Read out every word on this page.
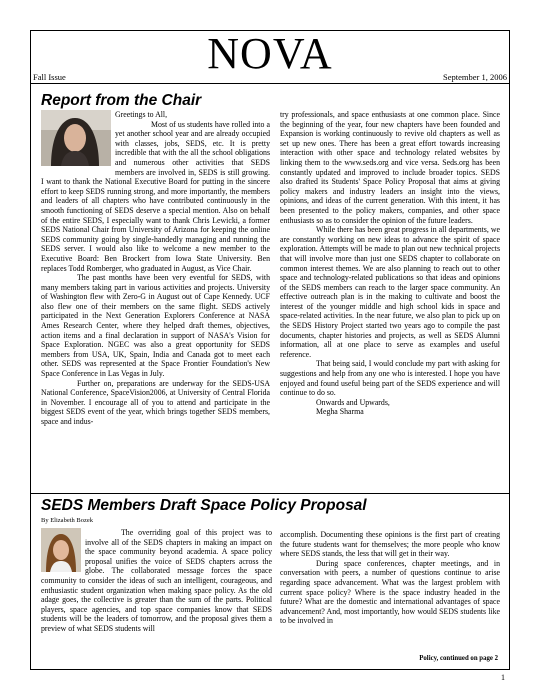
Fall Issue	NOVA	September 1, 2006
Report from the Chair

Greetings to All,

Most of us students have rolled into a yet another school year and are already occupied with classes, jobs, SEDS, etc. It is pretty incredible that with the all the school obligations and numerous other activities that SEDS members are involved in, SEDS is still growing. I want to thank the National Executive Board for putting in the sincere effort to keep SEDS running strong, and more importantly, the members and leaders of all chapters who have contributed continuously in the smooth functioning of SEDS deserve a special mention. Also on behalf of the entire SEDS, I especially want to thank Chris Lewicki, a former SEDS National Chair from University of Arizona for keeping the online SEDS community going by single-handedly managing and running the SEDS server. I would also like to welcome a new member to the Executive Board: Ben Brockert from Iowa State University. Ben replaces Todd Romberger, who graduated in August, as Vice Chair.

The past months have been very eventful for SEDS, with many members taking part in various activities and projects. University of Washington flew with Zero-G in August out of Cape Kennedy. UCF also flew one of their members on the same flight. SEDS actively participated in the Next Generation Explorers Conference at NASA Ames Research Center, where they helped draft themes, objectives, action items and a final declaration in support of NASA's Vision for Space Exploration. NGEC was also a great opportunity for SEDS members from USA, UK, Spain, India and Canada got to meet each other. SEDS was represented at the Space Frontier Foundation's New Space Conference in Las Vegas in July.

Further on, preparations are underway for the SEDS-USA National Conference, SpaceVision2006, at University of Central Florida in November. I encourage all of you to attend and participate in the biggest SEDS event of the year, which brings together SEDS members, space and indus-

try professionals, and space enthusiasts at one common place. Since the beginning of the year, four new chapters have been founded and Expansion is working continuously to revive old chapters as well as set up new ones. There has been a great effort towards increasing interaction with other space and technology related websites by linking them to the www.seds.org and vice versa. Seds.org has been constantly updated and improved to include broader topics. SEDS also drafted its Students' Space Policy Proposal that aims at giving policy makers and industry leaders an insight into the views, opinions, and ideas of the current generation. With this intent, it has been presented to the policy makers, companies, and other space enthusiasts so as to consider the opinion of the future leaders.

While there has been great progress in all departments, we are constantly working on new ideas to advance the spirit of space exploration. Attempts will be made to plan out new technical projects that will involve more than just one SEDS chapter to collaborate on common interest themes. We are also planning to reach out to other space and technology-related publications so that ideas and opinions of the SEDS members can reach to the larger space community. An effective outreach plan is in the making to cultivate and boost the interest of the younger middle and high school kids in space and space-related activities. In the near future, we also plan to pick up on the SEDS History Project started two years ago to compile the past documents, chapter histories and projects, as well as SEDS Alumni information, all at one place to serve as examples and useful reference.

That being said, I would conclude my part with asking for suggestions and help from any one who is interested. I hope you have enjoyed and found useful being part of the SEDS experience and will continue to do so.

Onwards and Upwards,

Megha Sharma

SEDS Members Draft Space Policy Proposal
By Elizabeth Bozek

The overriding goal of this project was to involve all of the SEDS chapters in making an impact on the space community beyond academia. A space policy proposal unifies the voice of SEDS chapters across the globe. The collaborated message forces the space community to consider the ideas of such an intelligent, courageous, and enthusiastic student organization when making space policy. As the old adage goes, the collective is greater than the sum of the parts. Political players, space agencies, and top space companies know that SEDS students will be the leaders of tomorrow, and the proposal gives them a preview of what SEDS students will

accomplish. Documenting these opinions is the first part of creating the future students want for themselves; the more people who know where SEDS stands, the less that will get in their way.

During space conferences, chapter meetings, and in conversation with peers, a number of questions continue to arise regarding space advancement. What was the largest problem with current space policy? Where is the space industry headed in the future? What are the domestic and international advantages of space advancement? And, most importantly, how would SEDS students like to be involved in

Policy, continued on page 2
1
